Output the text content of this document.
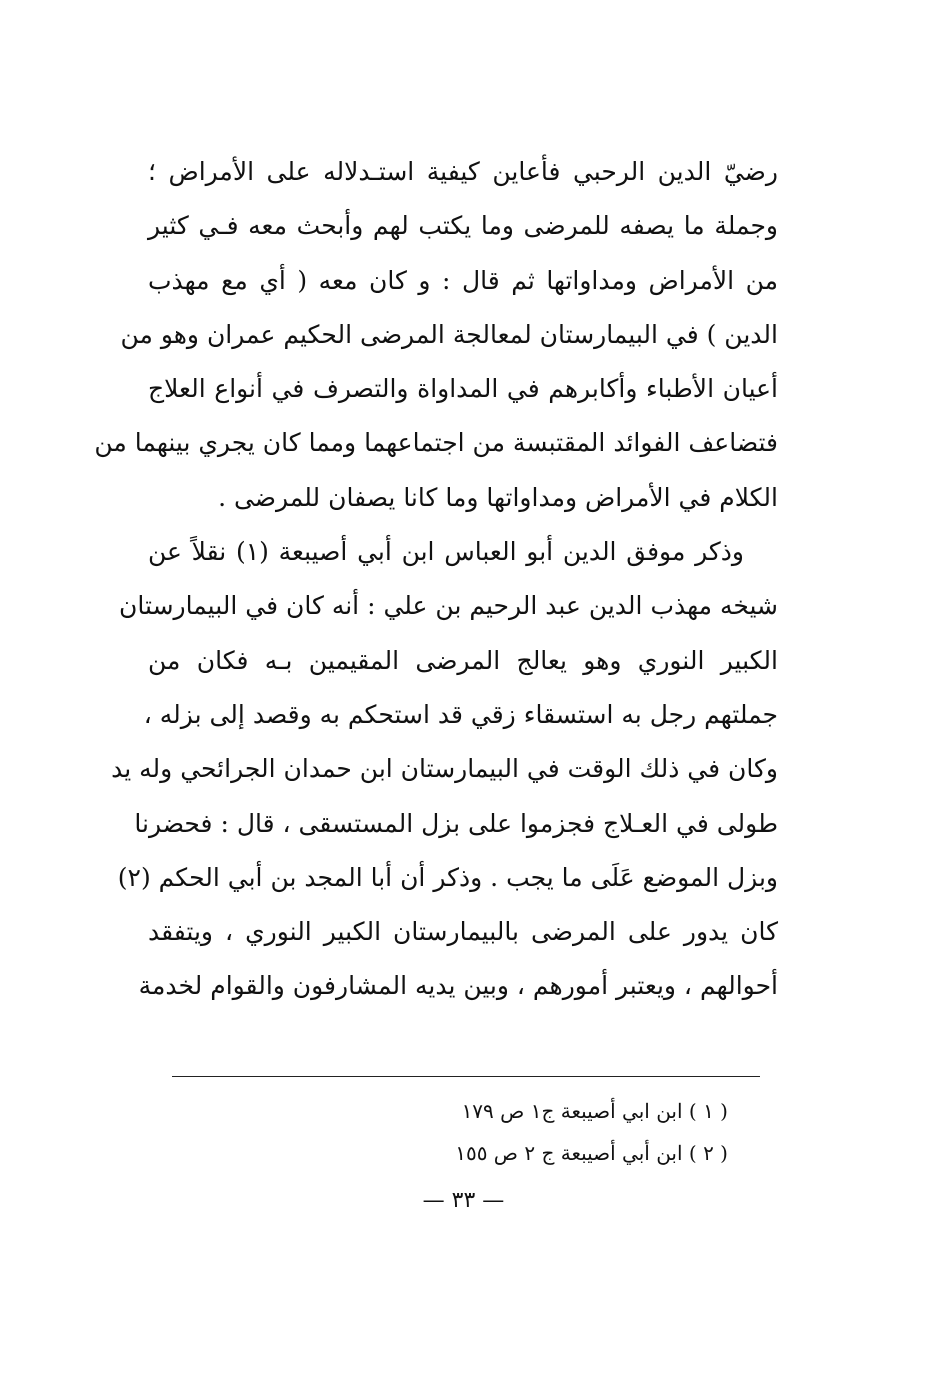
رضيّ الدين الرحبي فأعاين كيفية استـدلاله على الأمراض ؛
وجملة ما يصفه للمرضى وما يكتب لهم وأبحث معه فـي كثير
من الأمراض ومداواتها ثم قال : و كان معه ( أي مع مهذب
الدين ) في البيمارستان لمعالجة المرضى الحكيم عمران وهو من
أعيان الأطباء وأكابرهم في المداواة والتصرف في أنواع العلاج
فتضاعف الفوائد المقتبسة من اجتماعهما ومما كان يجري بينهما من
الكلام في الأمراض ومداواتها وما كانا يصفان للمرضى .
وذكر موفق الدين أبو العباس ابن أبي أصيبعة (١) نقلاً عن
شيخه مهذب الدين عبد الرحيم بن علي : أنه كان في البيمارستان
الكبير النوري وهو يعالج المرضى المقيمين بـه فكان من
جملتهم رجل به استسقاء زقي قد استحكم به وقصد إلى بزله ،
وكان في ذلك الوقت في البيمارستان ابن حمدان الجرائحي وله يد
طولى في العـلاج فجزموا على بزل المستسقى ، قال : فحضرنا
وبزل الموضع عَلَى ما يجب . وذكر أن أبا المجد بن أبي الحكم (٢)
كان يدور على المرضى بالبيمارستان الكبير النوري ، ويتفقد
أحوالهم ، ويعتبر أمورهم ، وبين يديه المشارفون والقوام لخدمة
( ١ ) ابن ابي أصيبعة ج١ ص ١٧٩
( ٢ ) ابن أبي أصيبعة ج ٢ ص ١٥٥
— ٣٣ —
